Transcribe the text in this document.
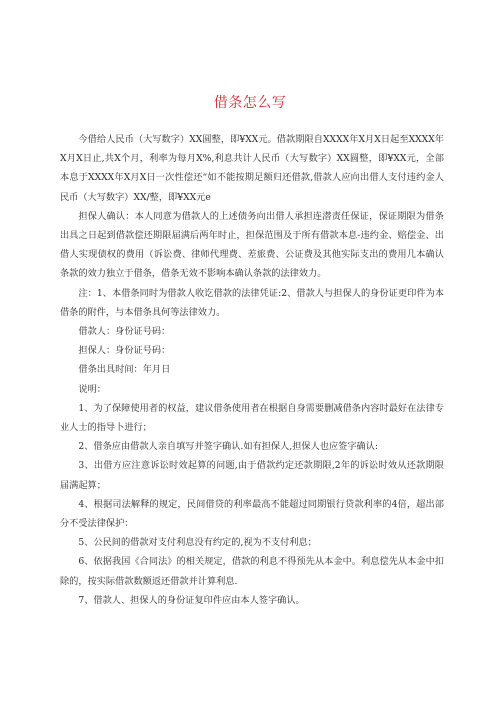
借条怎么写

今借给人民币（大写数字）XX圆整，即¥XX元。借款期限自XXXX年X月X日起至XXXX年X月X日止,共X个月，利率为每月X%,利息共计人民币（大写数字）XX圆整，即¥XX元，全部本息于XXXX年X月X日一次性偿还“如不能按期足额归还借款,借款人应向出借人支付违约金人民币（大写数字）XX/整，即¥XX元e

担保人确认：本人同意为借款人的上述债务向出借人承担连潜责任保证，保证期限为借条出具之日起到借款偿还期限届满后两年时止，担保范围及于所有借款本息-违约金、赔偿金、出借人实现债权的费用（诉讼费、律师代理费、差旅费、公证费及其他实际支出的费用几本确认条款的效力独立于借条，借条无效不影响本确认条款的法律效力。

注：1、本借条同时为借款人收讫借款的法律凭证:2、借款人与担保人的身份证更印件为本借条的附件，与本借条具何等法律效力。

借款人：身份证号码：

担保人：身份证号码：

借条出具时间：年月日

说明：

1、为了保障使用者的权益，建议借条使用者在根据自身需要删减借条内容时最好在法律专业人士的指导卜进行；

2、借条应由借款人亲自填写并签字确认.如有担保人,担保人也应签字确认:

3、出借方应注意诉讼时效起算的问题,由于借款约定还款期限,2年的诉讼时效从还款期限届满起算；

4、根据司法解释的规定，民间借贷的利率最高不能超过同期银行贷款利率的4倍，超出部分不受法律保护：

5、公民间的借款对支付利息没有约定的,视为不支付利息；

6、依据我国《合同法》的相关规定，借款的利息不得预先从本金中。利息偿先从本金中扣除的，按实际借款数额返还借款并计算利息.

7、借款人、担保人的身份证复印件应由本人签字确认。
